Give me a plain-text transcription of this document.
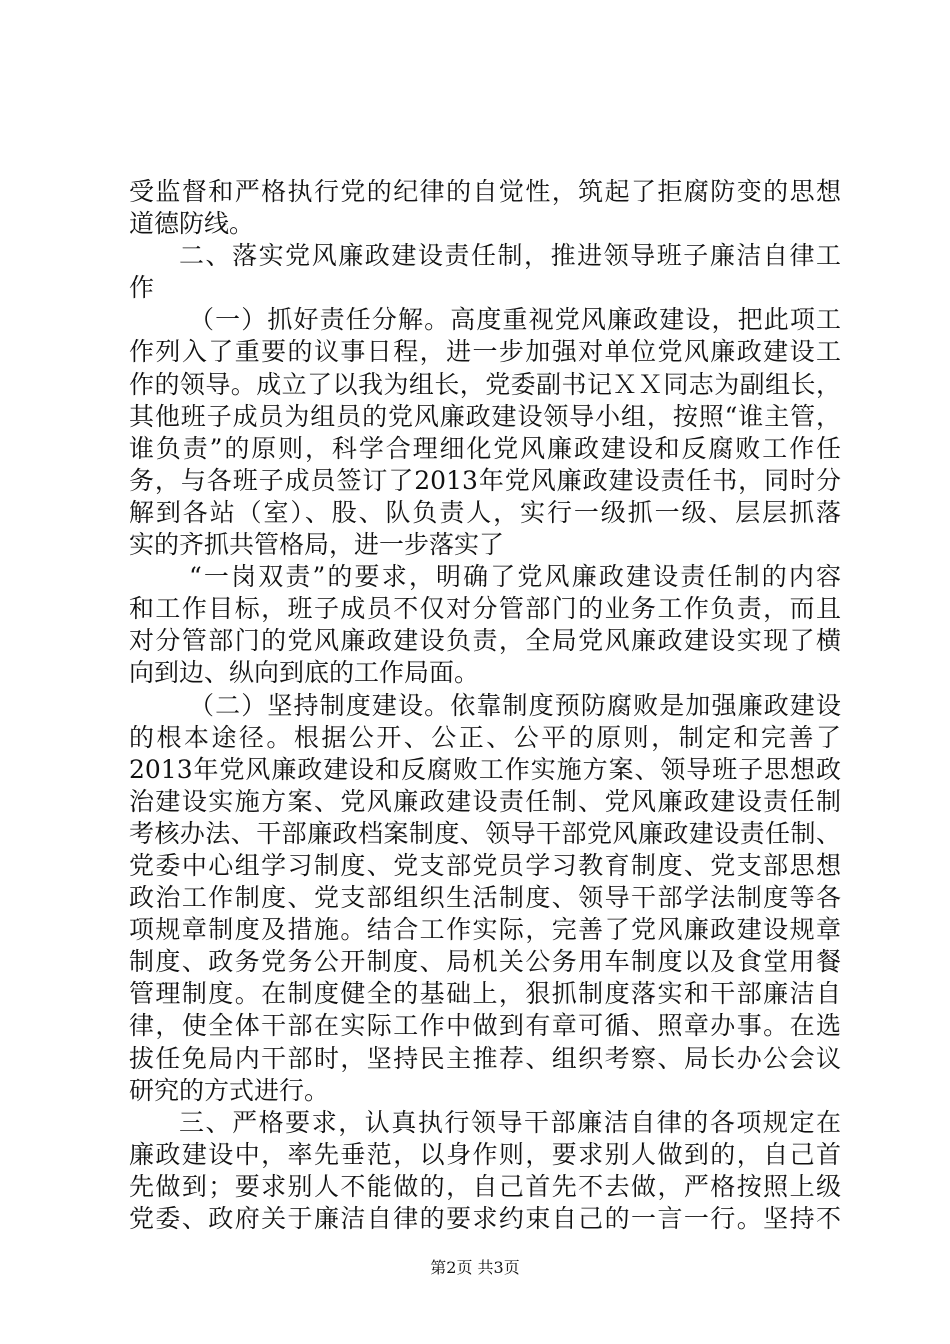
受监督和严格执行党的纪律的自觉性，筑起了拒腐防变的思想
道德防线。
二、落实党风廉政建设责任制，推进领导班子廉洁自律工
作
（一）抓好责任分解。高度重视党风廉政建设，把此项工
作列入了重要的议事日程，进一步加强对单位党风廉政建设工
作的领导。成立了以我为组长，党委副书记ＸＸ同志为副组长，
其他班子成员为组员的党风廉政建设领导小组，按照“谁主管，
谁负责”的原则，科学合理细化党风廉政建设和反腐败工作任
务，与各班子成员签订了2013年党风廉政建设责任书，同时分
解到各站（室）、股、队负责人，实行一级抓一级、层层抓落
实的齐抓共管格局，进一步落实了
“一岗双责”的要求，明确了党风廉政建设责任制的内容
和工作目标，班子成员不仅对分管部门的业务工作负责，而且
对分管部门的党风廉政建设负责，全局党风廉政建设实现了横
向到边、纵向到底的工作局面。
（二）坚持制度建设。依靠制度预防腐败是加强廉政建设
的根本途径。根据公开、公正、公平的原则，制定和完善了
2013年党风廉政建设和反腐败工作实施方案、领导班子思想政
治建设实施方案、党风廉政建设责任制、党风廉政建设责任制
考核办法、干部廉政档案制度、领导干部党风廉政建设责任制、
党委中心组学习制度、党支部党员学习教育制度、党支部思想
政治工作制度、党支部组织生活制度、领导干部学法制度等各
项规章制度及措施。结合工作实际，完善了党风廉政建设规章
制度、政务党务公开制度、局机关公务用车制度以及食堂用餐
管理制度。在制度健全的基础上，狠抓制度落实和干部廉洁自
律，使全体干部在实际工作中做到有章可循、照章办事。在选
拔任免局内干部时，坚持民主推荐、组织考察、局长办公会议
研究的方式进行。
三、严格要求，认真执行领导干部廉洁自律的各项规定在
廉政建设中，率先垂范，以身作则，要求别人做到的，自己首
先做到；要求别人不能做的，自己首先不去做，严格按照上级
党委、政府关于廉洁自律的要求约束自己的一言一行。坚持不
第2页 共3页
